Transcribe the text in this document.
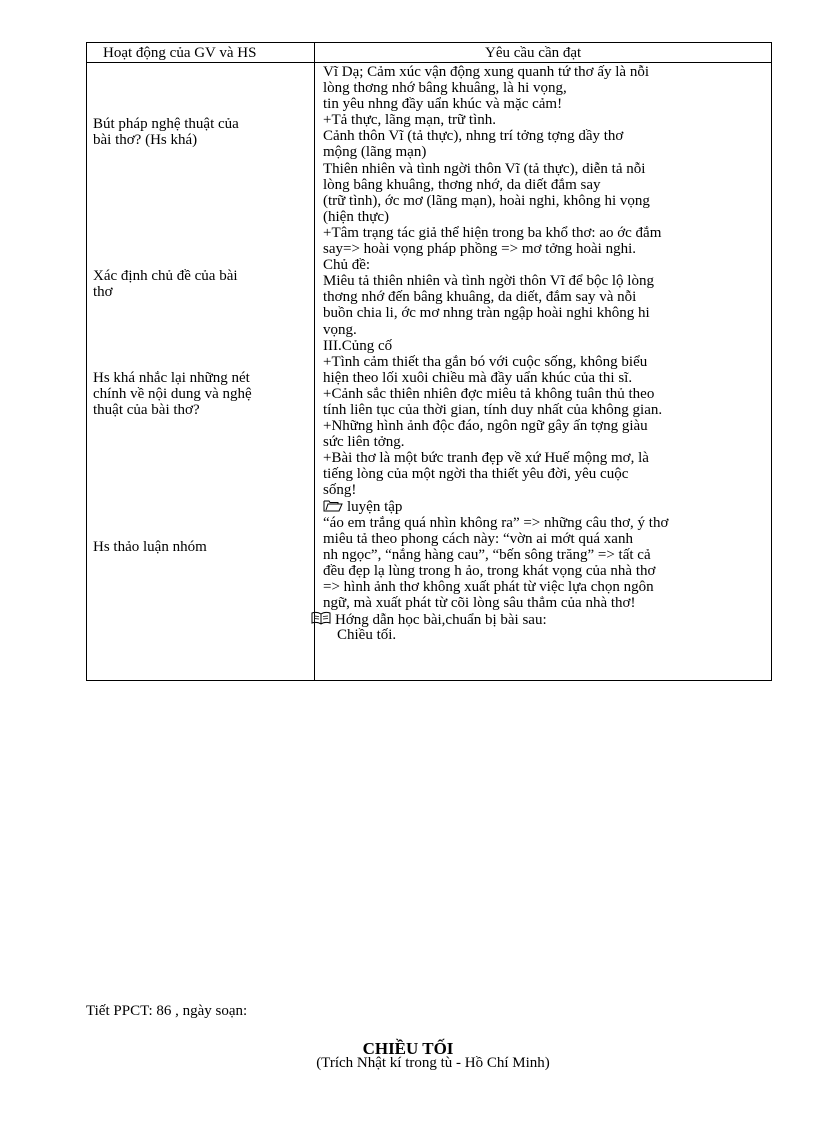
Hoạt động của GV và HS	Yêu cầu cần đạt
Bút pháp nghệ thuật của
bài thơ? (Hs khá)
Xác định chủ đề của bài
thơ
Hs khá nhắc lại những nét
chính về nội dung và nghệ
thuật của bài thơ?
Hs thảo luận nhóm
Vĩ Dạ; Cảm xúc vận động xung quanh tứ thơ ấy là nỗi
lòng thơng nhớ bâng khuâng, là hi vọng,
tin yêu nhng đầy uẩn khúc và mặc cảm!
+Tả thực, lãng mạn, trữ tình.
Cảnh thôn Vĩ (tả thực), nhng trí tởng tợng dầy thơ
mộng (lãng mạn)
Thiên nhiên và tình ngời thôn Vĩ (tả thực), diễn tả nỗi
lòng bâng khuâng, thơng nhớ, da diết đắm say
(trữ tình), ớc mơ (lãng mạn), hoài nghi, không hi vọng
(hiện thực)
+Tâm trạng tác giả thể hiện trong ba khổ thơ: ao ớc đắm
say=> hoài vọng pháp phồng => mơ tởng hoài nghi.
Chủ đề:
Miêu tả thiên nhiên và tình ngời thôn Vĩ để bộc lộ lòng
thơng nhớ đến bâng khuâng, da diết, đắm say và nỗi
buồn chia li, ớc mơ nhng tràn ngập hoài nghi không hi
vọng.
III.Củng cố
+Tình cảm thiết tha gắn bó với cuộc sống, không biểu
hiện theo lối xuôi chiều mà đầy uẩn khúc của thi sĩ.
+Cảnh sắc thiên nhiên đợc miêu tả không tuân thủ theo
tính liên tục của thời gian, tính duy nhất của không gian.
+Những hình ảnh độc đáo, ngôn ngữ gây ấn tợng giàu
sức liên tởng.
+Bài thơ là một bức tranh đẹp về xứ Huế mộng mơ, là
tiếng lòng của một ngời tha thiết yêu đời, yêu cuộc
sống!
luyện tập
“áo em trắng quá nhìn không ra” => những câu thơ, ý thơ
miêu tả theo phong cách này: “vờn ai mớt quá xanh
nh ngọc”, “nắng hàng cau”, “bến sông trăng” => tất cả
đều đẹp lạ lùng trong h ảo, trong khát vọng của nhà thơ
=> hình ảnh thơ không xuất phát từ việc lựa chọn ngôn
ngữ, mà xuất phát từ cõi lòng sâu thẳm của nhà thơ!
Hớng dẫn học bài,chuẩn bị bài sau:
Chiều tối.
Tiết PPCT: 86 , ngày soạn:
CHIỀU TỐI
(Trích Nhật kí trong tù - Hồ Chí Minh)
